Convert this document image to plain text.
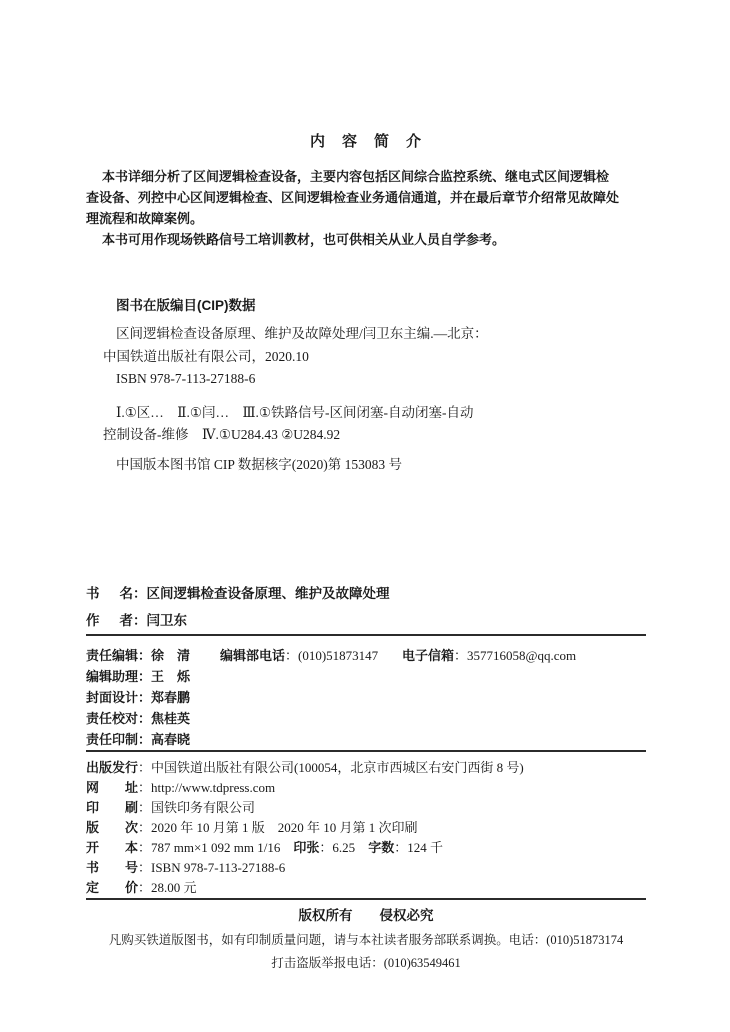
内　容　简　介
本书详细分析了区间逻辑检查设备，主要内容包括区间综合监控系统、继电式区间逻辑检
查设备、列控中心区间逻辑检查、区间逻辑检查业务通信通道，并在最后章节介绍常见故障处
理流程和故障案例。
本书可用作现场铁路信号工培训教材，也可供相关从业人员自学参考。
图书在版编目(CIP)数据
区间逻辑检查设备原理、维护及故障处理/闫卫东主编.—北京：
中国铁道出版社有限公司，2020.10
ISBN 978-7-113-27188-6
Ⅰ.①区…　Ⅱ.①闫…　Ⅲ.①铁路信号-区间闭塞-自动闭塞-自动
控制设备-维修　Ⅳ.①U284.43 ②U284.92
中国版本图书馆 CIP 数据核字(2020)第 153083 号
书名：区间逻辑检查设备原理、维护及故障处理
作者：闫卫东
责任编辑：徐　清 编辑部电话：(010)51873147 电子信箱：357716058@qq.com
编辑助理：王　烁
封面设计：郑春鹏
责任校对：焦桂英
责任印制：高春晓
出版发行：中国铁道出版社有限公司(100054，北京市西城区右安门西街 8 号)
网址：http://www.tdpress.com
印刷：国铁印务有限公司
版次：2020 年 10 月第 1 版　2020 年 10 月第 1 次印刷
开本：787 mm×1 092 mm 1/16 印张：6.25 字数：124 千
书号：ISBN 978-7-113-27188-6
定价：28.00 元
版权所有　　侵权必究
凡购买铁道版图书，如有印制质量问题，请与本社读者服务部联系调换。电话：(010)51873174
打击盗版举报电话：(010)63549461
